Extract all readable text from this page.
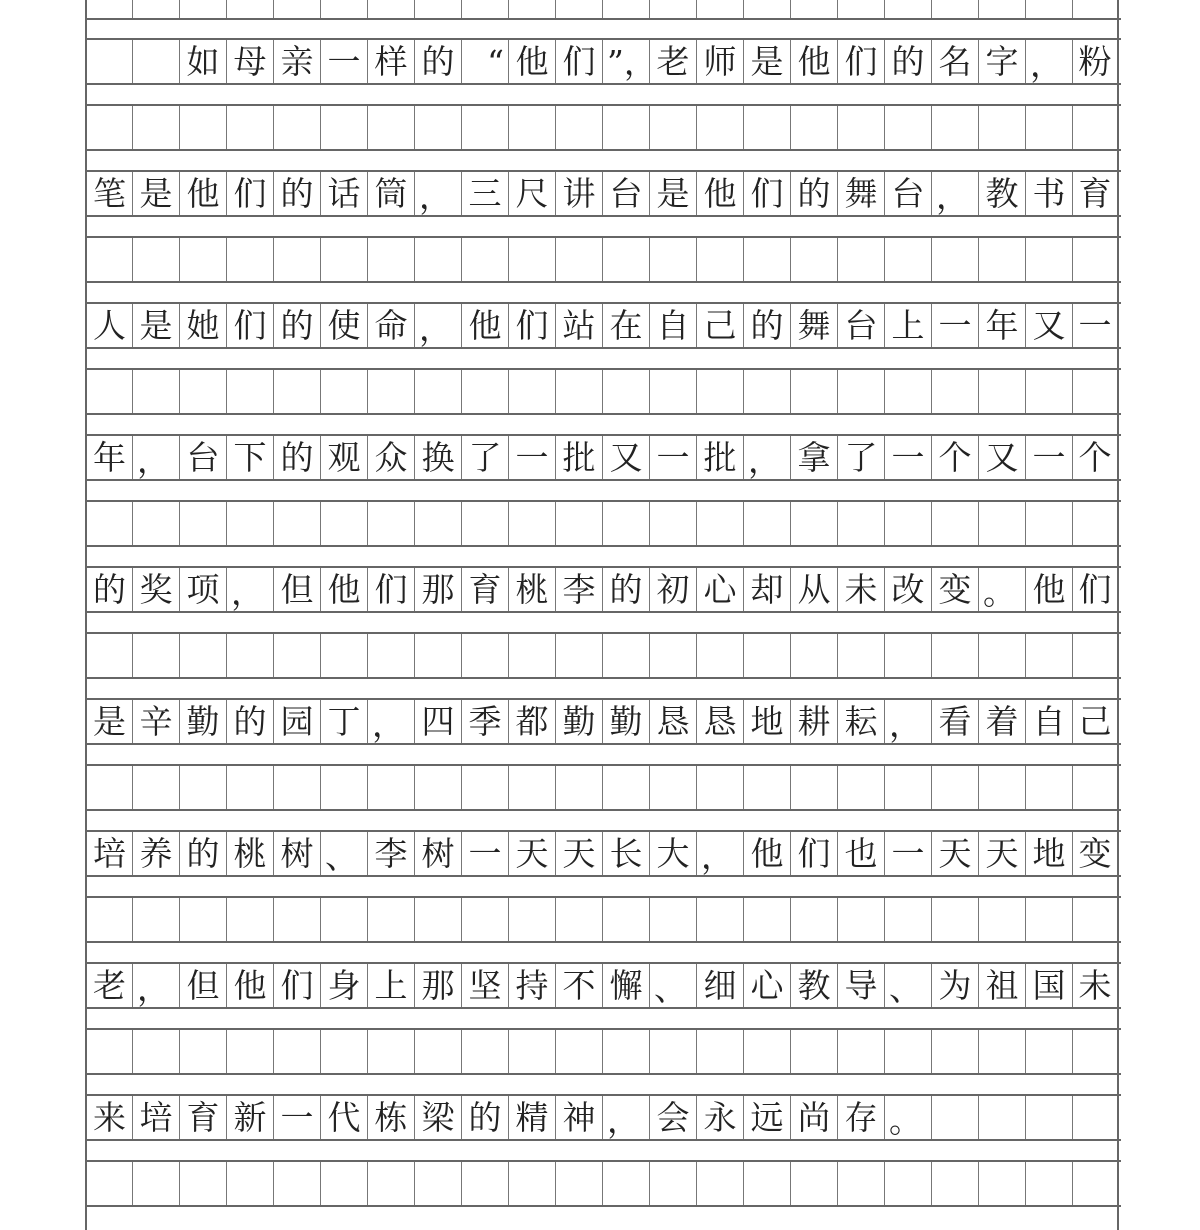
如 母 亲 一 样 的 “ 他 们 ”， 老 师 是 他 们 的 名 字 ， 粉
笔 是 他 们 的 话 筒 ， 三 尺 讲 台 是 他 们 的 舞 台 ， 教 书 育
人 是 她 们 的 使 命 ， 他 们 站 在 自 己 的 舞 台 上 一 年 又 一
年 ， 台 下 的 观 众 换 了 一 批 又 一 批 ， 拿 了 一 个 又 一 个
的 奖 项 ， 但 他 们 那 育 桃 李 的 初 心 却 从 未 改 变 。 他 们
是 辛 勤 的 园 丁 ， 四 季 都 勤 勤 恳 恳 地 耕 耘 ， 看 着 自 己
培 养 的 桃 树 、 李 树 一 天 天 长 大 ， 他 们 也 一 天 天 地 变
老 ， 但 他 们 身 上 那 坚 持 不 懈 、 细 心 教 导 、 为 祖 国 未
来 培 育 新 一 代 栋 梁 的 精 神 ， 会 永 远 尚 存 。
